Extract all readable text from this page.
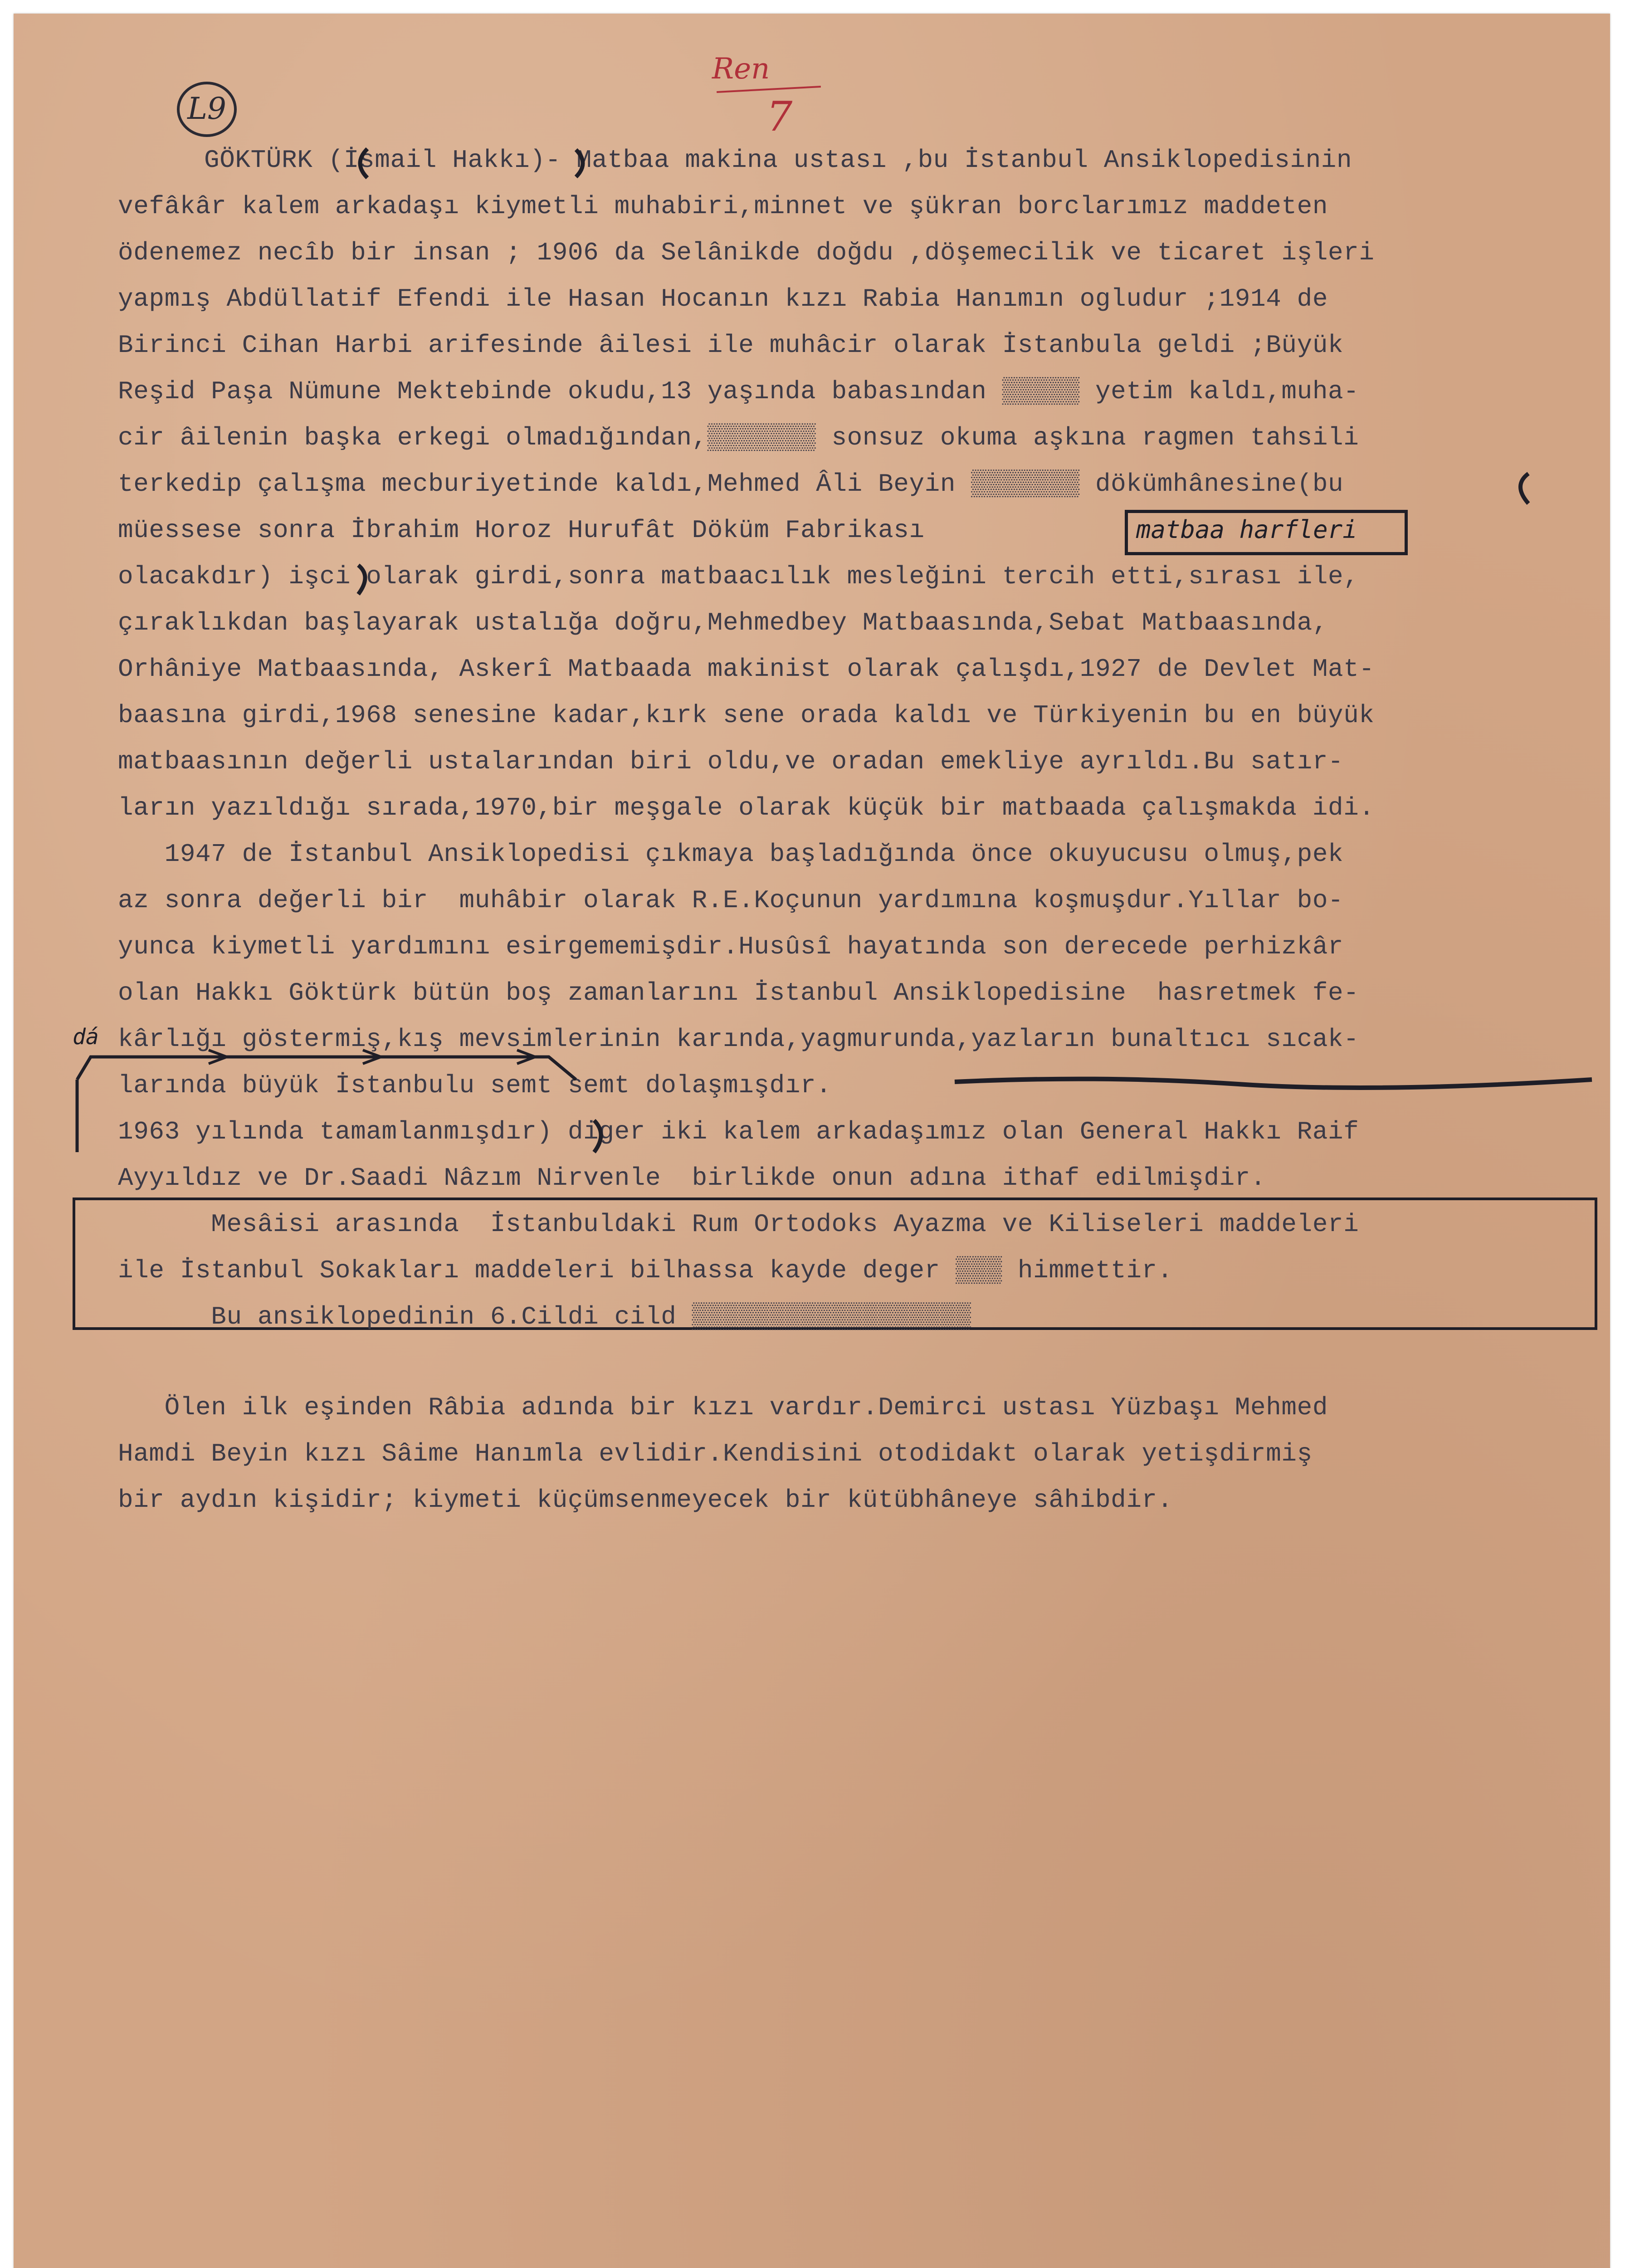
L9
Ren
7
GÖKTÜRK (İsmail Hakkı)- Matbaa makina ustası ,bu İstanbul Ansiklopedisinin
vefâkâr kalem arkadaşı kiymetli muhabiri,minnet ve şükran borclarımız maddeten
ödenemez necîb bir insan ; 1906 da Selânikde doğdu ,döşemecilik ve ticaret işleri
yapmış Abdüllatif Efendi ile Hasan Hocanın kızı Rabia Hanımın ogludur ;1914 de
Birinci Cihan Harbi arifesinde âilesi ile muhâcir olarak İstanbula geldi ;Büyük
Reşid Paşa Nümune Mektebinde okudu,13 yaşında babasından ▒▒▒▒▒ yetim kaldı,muha-
cir âilenin başka erkegi olmadığından,▒▒▒▒▒▒▒ sonsuz okuma aşkına ragmen tahsili
terkedip çalışma mecburiyetinde kaldı,Mehmed Âli Beyin ▒▒▒▒▒▒▒ dökümhânesine(bu
müessese sonra İbrahim Horoz Hurufât Döküm Fabrikası	matbaa harfleri
olacakdır) işci olarak girdi,sonra matbaacılık mesleğini tercih etti,sırası ile,
çıraklıkdan başlayarak ustalığa doğru,Mehmedbey Matbaasında,Sebat Matbaasında,
Orhâniye Matbaasında, Askerî Matbaada makinist olarak çalışdı,1927 de Devlet Mat-
baasına girdi,1968 senesine kadar,kırk sene orada kaldı ve Türkiyenin bu en büyük
matbaasının değerli ustalarından biri oldu,ve oradan emekliye ayrıldı.Bu satır-
ların yazıldığı sırada,1970,bir meşgale olarak küçük bir matbaada çalışmakda idi.
1947 de İstanbul Ansiklopedisi çıkmaya başladığında önce okuyucusu olmuş,pek
az sonra değerli bir  muhâbir olarak R.E.Koçunun yardımına koşmuşdur.Yıllar bo-
yunca kiymetli yardımını esirgememişdir.Husûsî hayatında son derecede perhizkâr
olan Hakkı Göktürk bütün boş zamanlarını İstanbul Ansiklopedisine  hasretmek fe-
dá kârlığı göstermiş,kış mevsimlerinin karında,yagmurunda,yazların bunaltıcı sıcak-
larında büyük İstanbulu semt semt dolaşmışdır.
1963 yılında tamamlanmışdır) diger iki kalem arkadaşımız olan General Hakkı Raif
Ayyıldız ve Dr.Saadi Nâzım Nirvenle  birlikde onun adına ithaf edilmişdir.
Mesâisi arasında  İstanbuldaki Rum Ortodoks Ayazma ve Kiliseleri maddeleri
ile İstanbul Sokakları maddeleri bilhassa kayde deger ▒▒▒ himmettir.
Bu ansiklopedinin 6.Cildi cild ▒▒▒▒▒▒▒▒▒▒▒▒▒▒▒▒▒▒
Ölen ilk eşinden Râbia adında bir kızı vardır.Demirci ustası Yüzbaşı Mehmed
Hamdi Beyin kızı Sâime Hanımla evlidir.Kendisini otodidakt olarak yetişdirmiş
bir aydın kişidir; kiymeti küçümsenmeyecek bir kütübhâneye sâhibdir.
